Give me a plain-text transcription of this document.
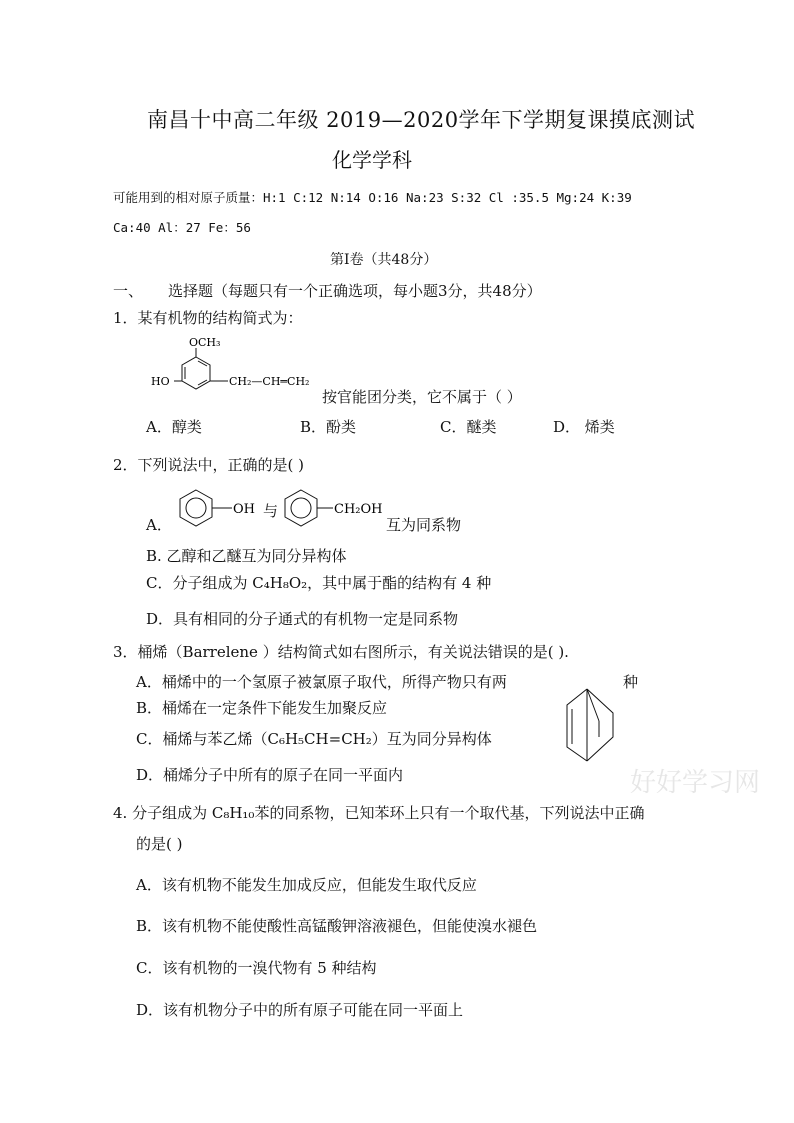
南昌十中高二年级 2019—2020学年下学期复课摸底测试
化学学科
可能用到的相对原子质量：H:1 C:12 N:14 O:16 Na:23 S:32 Cl :35.5 Mg:24 K:39
Ca:40 Al：27 Fe：56
第Ⅰ卷（共48分）
一、 选择题（每题只有一个正确选项，每小题3分，共48分）
1．某有机物的结构简式为：
OCH₃
HO	CH₂—CH═CH₂
按官能团分类，它不属于（ ）
A．醇类	B．酚类	C．醚类	D． 烯类
2．下列说法中，正确的是( )
A．
OH 与	CH₂OH
互为同系物
B. 乙醇和乙醚互为同分异构体
C．分子组成为 C₄H₈O₂，其中属于酯的结构有 4 种
D．具有相同的分子通式的有机物一定是同系物
3．桶烯（Barrelene ）结构简式如右图所示，有关说法错误的是( ).
A．桶烯中的一个氢原子被氯原子取代，所得产物只有两	种
B．桶烯在一定条件下能发生加聚反应
C．桶烯与苯乙烯（C₆H₅CH=CH₂）互为同分异构体
D．桶烯分子中所有的原子在同一平面内	好好学习网
4. 分子组成为 C₈H₁₀苯的同系物，已知苯环上只有一个取代基，下列说法中正确
的是( )
A．该有机物不能发生加成反应，但能发生取代反应
B．该有机物不能使酸性高锰酸钾溶液褪色，但能使溴水褪色
C．该有机物的一溴代物有 5 种结构
D．该有机物分子中的所有原子可能在同一平面上
